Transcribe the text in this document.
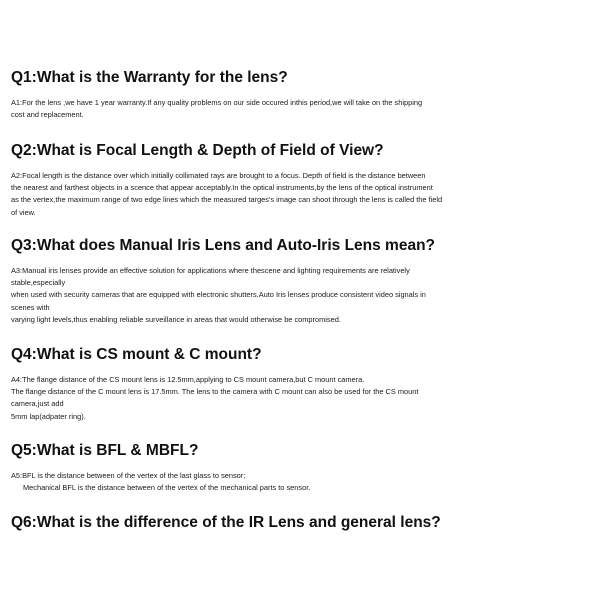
Q1:What is the Warranty for the lens?
A1:For the lens ,we have 1 year warranty.If any quality problems on our side occured inthis period,we will take on the shipping
cost and replacement.
Q2:What is Focal Length & Depth of Field of View?
A2:Focal length is the distance over which initially collimated rays are brought to a focus. Depth of field is the distance between
the nearest and farthest objects in a scence that appear acceptably.In the optical instruments,by the lens of the optical instrument
as the vertex,the maximum range of two edge lines which the measured targes's image can shoot through the lens is called the field
of view.
Q3:What does Manual Iris Lens and Auto-Iris Lens mean?
A3:Manual iris lenses provide an effective solution for applications where thescene and lighting requirements are relatively
stable,especially
when used with security cameras that are equipped with electronic shutters.Auto Iris lenses produce consistent video signals in
scenes with
varying light levels,thus enabling reliable surveillance in areas that would otherwise be compromised.
Q4:What is CS mount & C mount?
A4:The flange distance of the CS mount lens is 12.5mm,applying to CS mount camera,but C mount camera.
The flange distance of the C mount lens is 17.5mm. The lens to the camera with C mount can also be used for the CS mount
camera,just add
5mm lap(adpater ring).
Q5:What is BFL & MBFL?
A5:BFL is the distance between of the vertex of the last glass to sensor;
Mechanical BFL is the distance between of the vertex of the mechanical parts to sensor.
Q6:What is the difference of the IR Lens and general lens?
